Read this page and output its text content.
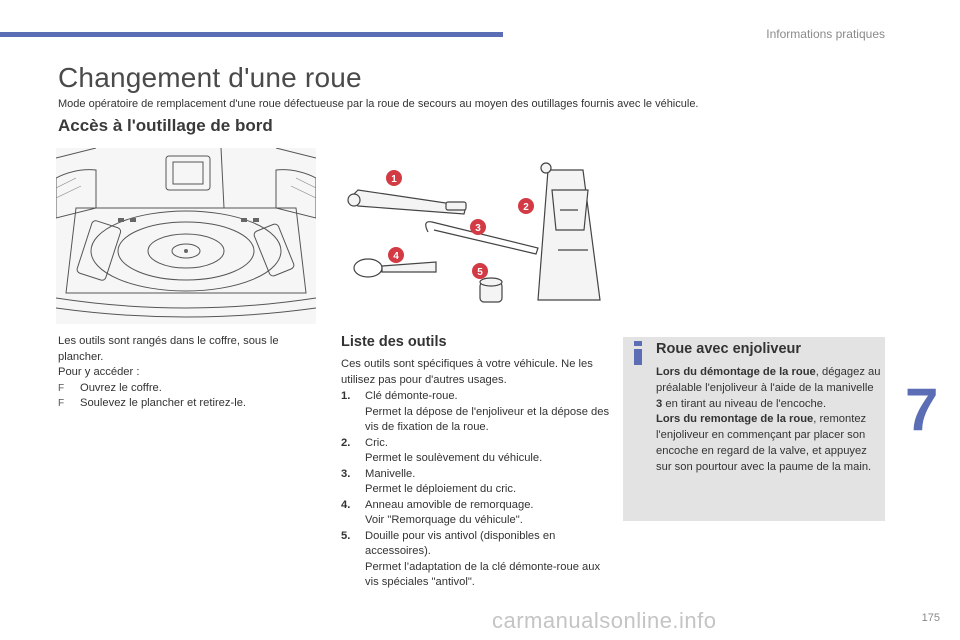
Informations pratiques
Changement d'une roue
Mode opératoire de remplacement d'une roue défectueuse par la roue de secours au moyen des outillages fournis avec le véhicule.
Accès à l'outillage de bord
1
2
3
4
5

Les outils sont rangés dans le coffre, sous le plancher.

Pour y accéder :

F	Ouvrez le coffre.
F	Soulevez le plancher et retirez-le.
Liste des outils

Ces outils sont spécifiques à votre véhicule. Ne les utilisez pas pour d'autres usages.

1.	Clé démonte-roue.
Permet la dépose de l'enjoliveur et la dépose des vis de fixation de la roue.
2.	Cric.
Permet le soulèvement du véhicule.
3.	Manivelle.
Permet le déploiement du cric.
4.	Anneau amovible de remorquage.
Voir "Remorquage du véhicule".
5.	Douille pour vis antivol (disponibles en accessoires).
Permet l’adaptation de la clé démonte-roue aux vis spéciales "antivol".
Roue avec enjoliveur
Lors du démontage de la roue, dégagez au préalable l'enjoliveur à l'aide de la manivelle 3 en tirant au niveau de l'encoche.
Lors du remontage de la roue, remontez l'enjoliveur en commençant par placer son encoche en regard de la valve, et appuyez sur son pourtour avec la paume de la main.
7
carmanualsonline.info	175
